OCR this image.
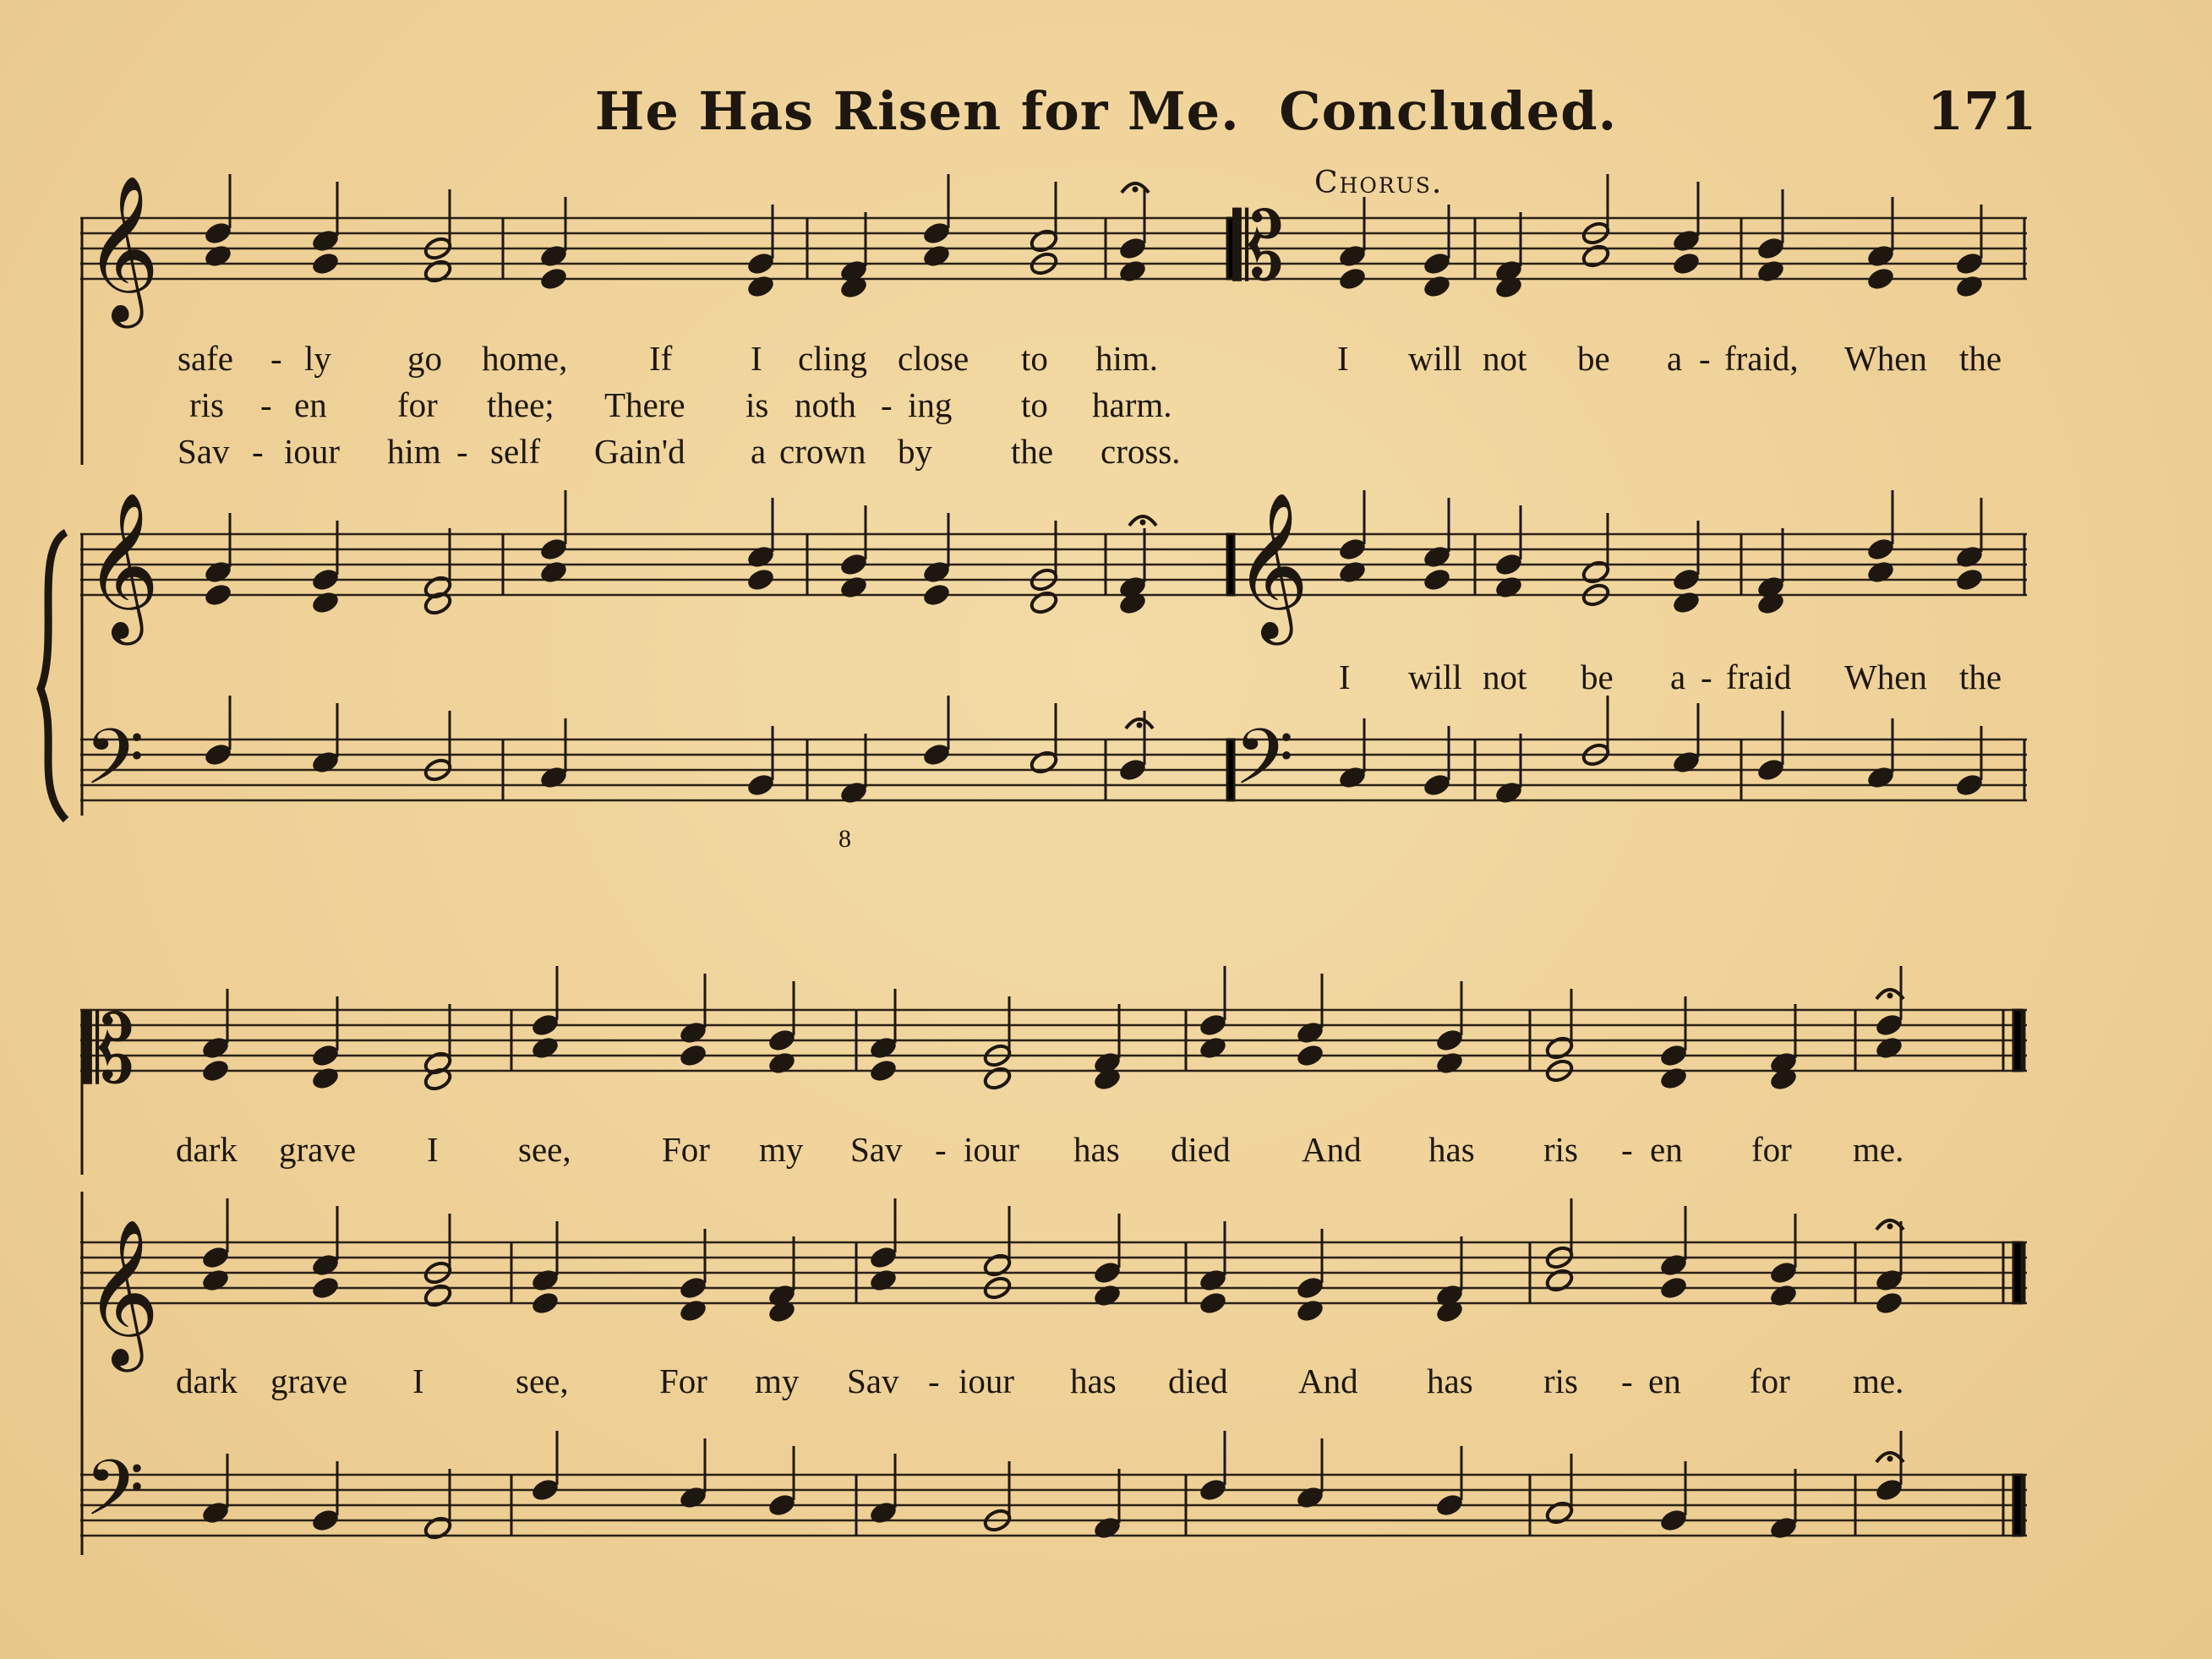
He Has Risen for Me. Concluded.	171
Chorus.
safe - ly go home, If I cling close to him.
ris - en for thee; There is noth - ing to harm.
Sav - iour him - self Gain'd a crown by the cross.
I will not be a - fraid, When the
I will not be a - fraid When the
dark grave I see,	For my Sav - iour has died And has ris - en for me.
dark grave I	see,	For my Sav - iour has died And has ris - en for me.
𝄞
𝄞
𝄢
𝄞
𝄡
𝄢
𝄡
𝄞
𝄢
8
